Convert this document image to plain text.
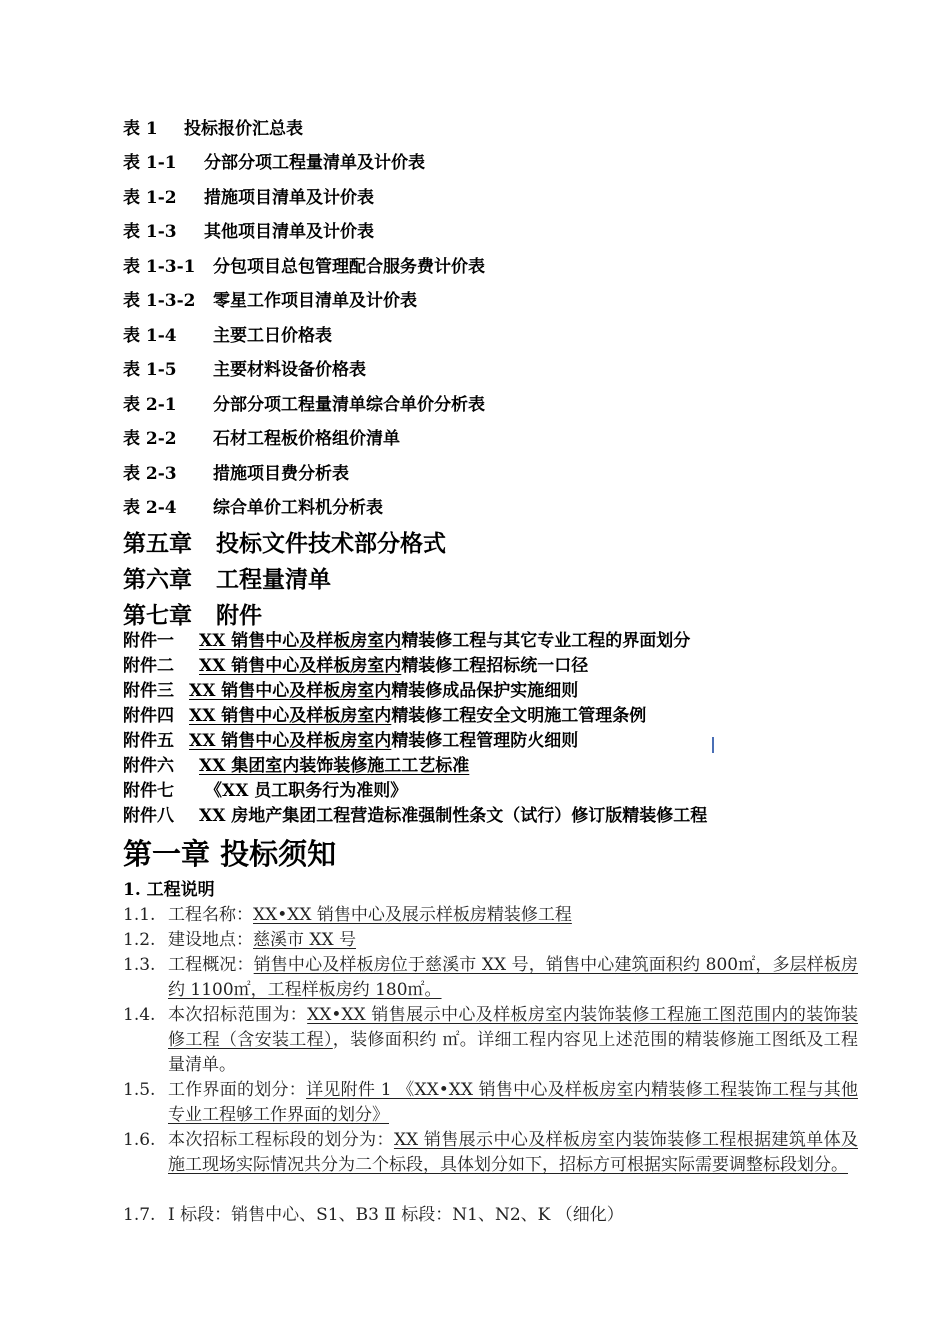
表 1 投标报价汇总表
表 1-1 分部分项工程量清单及计价表
表 1-2 措施项目清单及计价表
表 1-3 其他项目清单及计价表
表 1-3-1 分包项目总包管理配合服务费计价表
表 1-3-2 零星工作项目清单及计价表
表 1-4 主要工日价格表
表 1-5 主要材料设备价格表
表 2-1 分部分项工程量清单综合单价分析表
表 2-2 石材工程板价格组价清单
表 2-3 措施项目费分析表
表 2-4 综合单价工料机分析表
第五章 投标文件技术部分格式
第六章 工程量清单
第七章 附件
附件一 XX 销售中心及样板房室内精装修工程与其它专业工程的界面划分
附件二 XX 销售中心及样板房室内精装修工程招标统一口径
附件三 XX 销售中心及样板房室内精装修成品保护实施细则
附件四 XX 销售中心及样板房室内精装修工程安全文明施工管理条例
附件五 XX 销售中心及样板房室内精装修工程管理防火细则
附件六 XX 集团室内装饰装修施工工艺标准
附件七 《XX 员工职务行为准则》
附件八 XX 房地产集团工程营造标准强制性条文（试行）修订版精装修工程
第一章 投标须知
1. 工程说明
1.1. 工程名称：XX•XX 销售中心及展示样板房精装修工程
1.2. 建设地点：慈溪市 XX 号
1.3. 工程概况：销售中心及样板房位于慈溪市 XX 号，销售中心建筑面积约 800㎡，多层样板房约 1100㎡，工程样板房约 180㎡。
1.4. 本次招标范围为：XX•XX 销售展示中心及样板房室内装饰装修工程施工图范围内的装饰装修工程（含安装工程），装修面积约 ㎡。详细工程内容见上述范围的精装修施工图纸及工程量清单。
1.5. 工作界面的划分：详见附件 1 《XX•XX 销售中心及样板房室内精装修工程装饰工程与其他专业工程够工作界面的划分》
1.6. 本次招标工程标段的划分为：XX 销售展示中心及样板房室内装饰装修工程根据建筑单体及施工现场实际情况共分为二个标段，具体划分如下，招标方可根据实际需要调整标段划分。
1.7. Ⅰ 标段：销售中心、S1、B3 Ⅱ 标段：N1、N2、K （细化）
